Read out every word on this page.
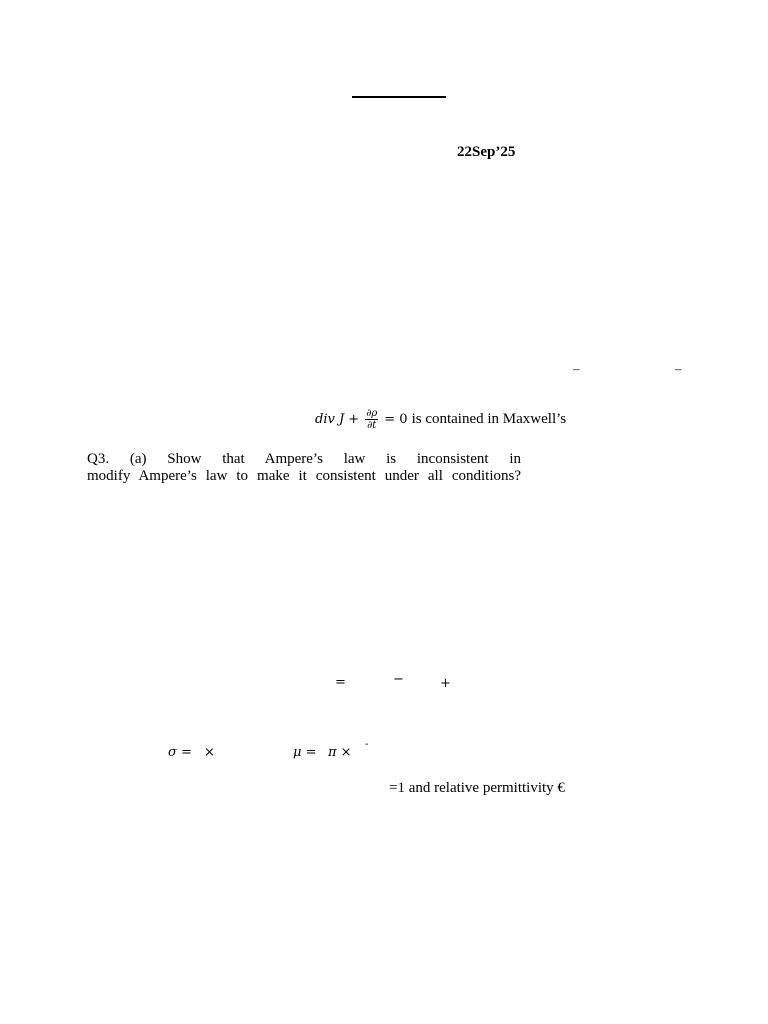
22Sep’25
–	–
div $J + \frac{\partial\rho}{\partial t} = 0$ is contained in Maxwell’s
Q3. (a) Show that Ampere’s law is inconsistent in
modify Ampere’s law to make it consistent under all conditions?
=	−	+
σ = ×	μ = π ×
-
=1 and relative permittivity €
